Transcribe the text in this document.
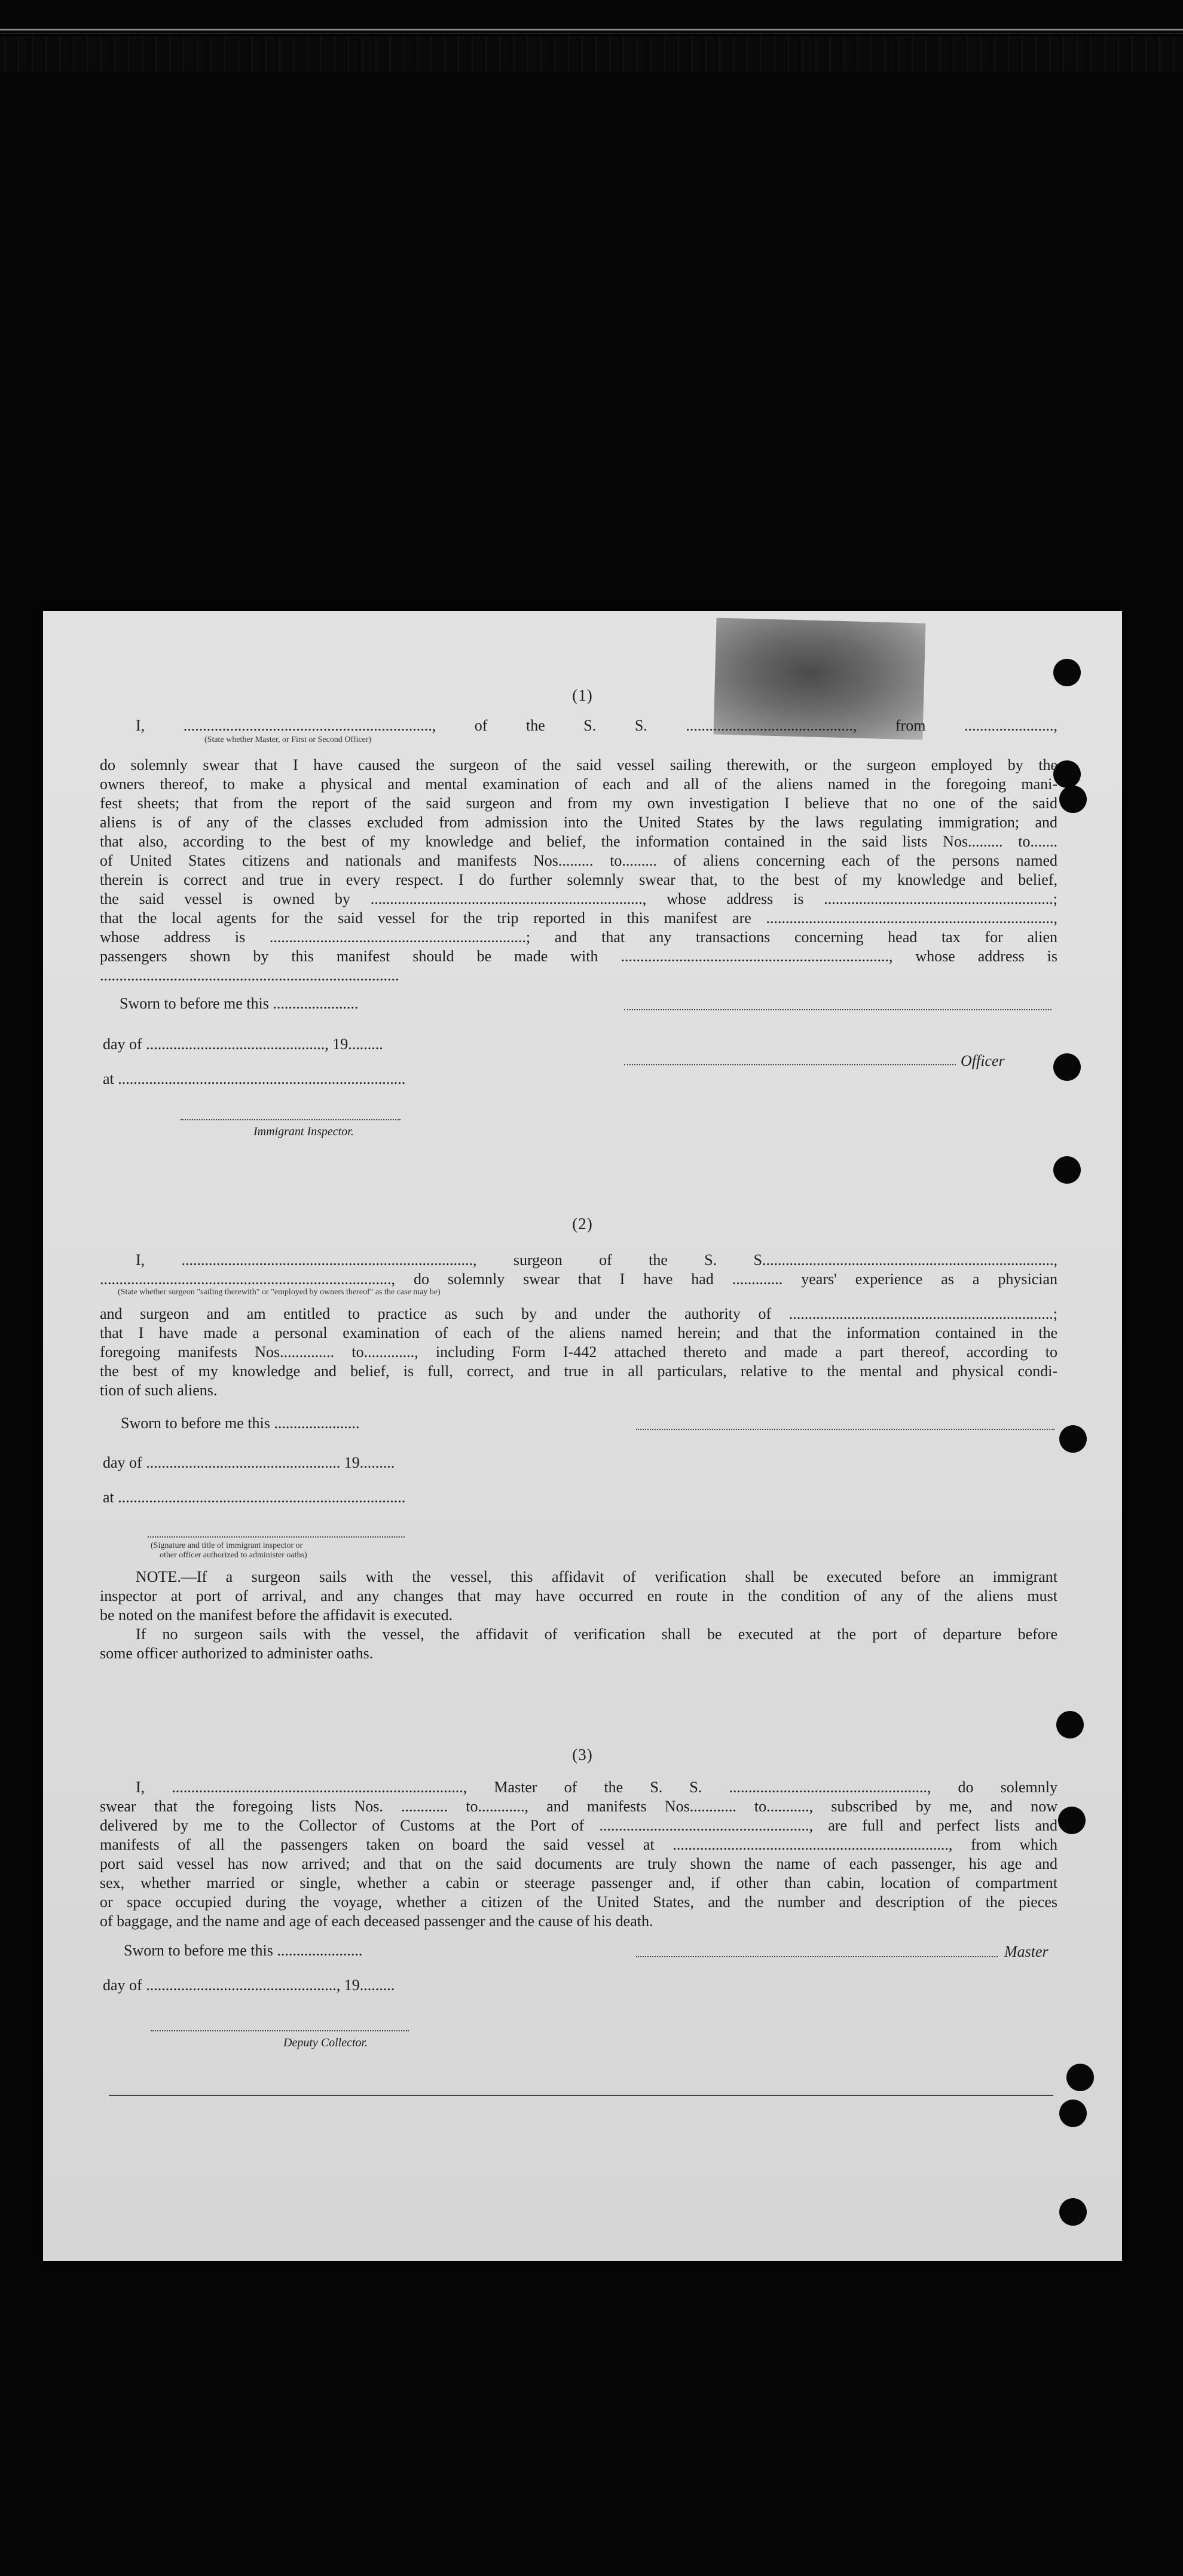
(1)
I, ................................................................, of the S. S. ..........................................., from .......................,
(State whether Master, or First or Second Officer)
do solemnly swear that I have caused the surgeon of the said vessel sailing therewith, or the surgeon employed by the
owners thereof, to make a physical and mental examination of each and all of the aliens named in the foregoing mani-
fest sheets; that from the report of the said surgeon and from my own investigation I believe that no one of the said
aliens is of any of the classes excluded from admission into the United States by the laws regulating immigration; and
that also, according to the best of my knowledge and belief, the information contained in the said lists Nos......... to.......
of United States citizens and nationals and manifests Nos......... to......... of aliens concerning each of the persons named
therein is correct and true in every respect. I do further solemnly swear that, to the best of my knowledge and belief,
the said vessel is owned by ......................................................................, whose address is ...........................................................;
that the local agents for the said vessel for the trip reported in this manifest are ..........................................................................,
whose address is ..................................................................; and that any transactions concerning head tax for alien
passengers shown by this manifest should be made with ....................................................................., whose address is
.............................................................................
Sworn to before me this ......................
day of .............................................., 19.........
Officer
at ..........................................................................
Immigrant Inspector.
(2)
I, ..........................................................................., surgeon of the S. S...........................................................................,
..........................................................................., do solemnly swear that I have had ............. years' experience as a physician
(State whether surgeon "sailing therewith" or "employed by owners thereof" as the case may be)
and surgeon and am entitled to practice as such by and under the authority of ....................................................................;
that I have made a personal examination of each of the aliens named herein; and that the information contained in the
foregoing manifests Nos.............. to............., including Form I-442 attached thereto and made a part thereof, according to
the best of my knowledge and belief, is full, correct, and true in all particulars, relative to the mental and physical condi-
tion of such aliens.
Sworn to before me this ......................
day of .................................................. 19.........
at ..........................................................................
(Signature and title of immigrant inspector or
other officer authorized to administer oaths)
NOTE.—If a surgeon sails with the vessel, this affidavit of verification shall be executed before an immigrant
inspector at port of arrival, and any changes that may have occurred en route in the condition of any of the aliens must
be noted on the manifest before the affidavit is executed.
If no surgeon sails with the vessel, the affidavit of verification shall be executed at the port of departure before
some officer authorized to administer oaths.
(3)
I, ..........................................................................., Master of the S. S. ..................................................., do solemnly
swear that the foregoing lists Nos. ............ to............, and manifests Nos............ to..........., subscribed by me, and now
delivered by me to the Collector of Customs at the Port of ......................................................, are full and perfect lists and
manifests of all the passengers taken on board the said vessel at ......................................................................., from which
port said vessel has now arrived; and that on the said documents are truly shown the name of each passenger, his age and
sex, whether married or single, whether a cabin or steerage passenger and, if other than cabin, location of compartment
or space occupied during the voyage, whether a citizen of the United States, and the number and description of the pieces
of baggage, and the name and age of each deceased passenger and the cause of his death.
Sworn to before me this ......................	Master
day of ................................................., 19.........
Deputy Collector.
